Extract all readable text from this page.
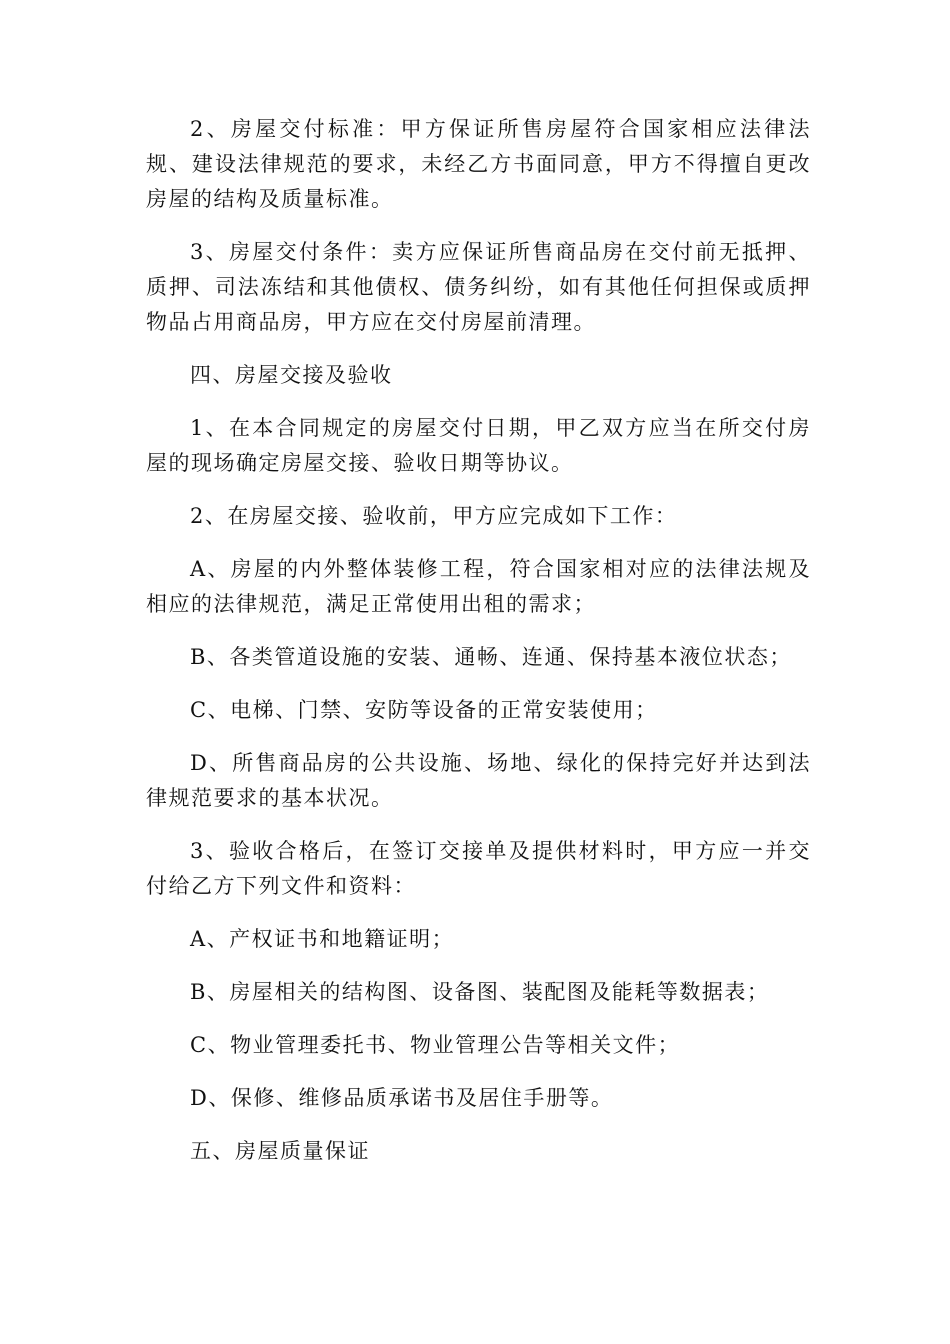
2、房屋交付标准：甲方保证所售房屋符合国家相应法律法规、建设法律规范的要求，未经乙方书面同意，甲方不得擅自更改房屋的结构及质量标准。

3、房屋交付条件：卖方应保证所售商品房在交付前无抵押、质押、司法冻结和其他债权、债务纠纷，如有其他任何担保或质押物品占用商品房，甲方应在交付房屋前清理。

四、房屋交接及验收

1、在本合同规定的房屋交付日期，甲乙双方应当在所交付房屋的现场确定房屋交接、验收日期等协议。

2、在房屋交接、验收前，甲方应完成如下工作：

A、房屋的内外整体装修工程，符合国家相对应的法律法规及相应的法律规范，满足正常使用出租的需求；

B、各类管道设施的安装、通畅、连通、保持基本液位状态；

C、电梯、门禁、安防等设备的正常安装使用；

D、所售商品房的公共设施、场地、绿化的保持完好并达到法律规范要求的基本状况。

3、验收合格后，在签订交接单及提供材料时，甲方应一并交付给乙方下列文件和资料：

A、产权证书和地籍证明；

B、房屋相关的结构图、设备图、装配图及能耗等数据表；

C、物业管理委托书、物业管理公告等相关文件；

D、保修、维修品质承诺书及居住手册等。

五、房屋质量保证
